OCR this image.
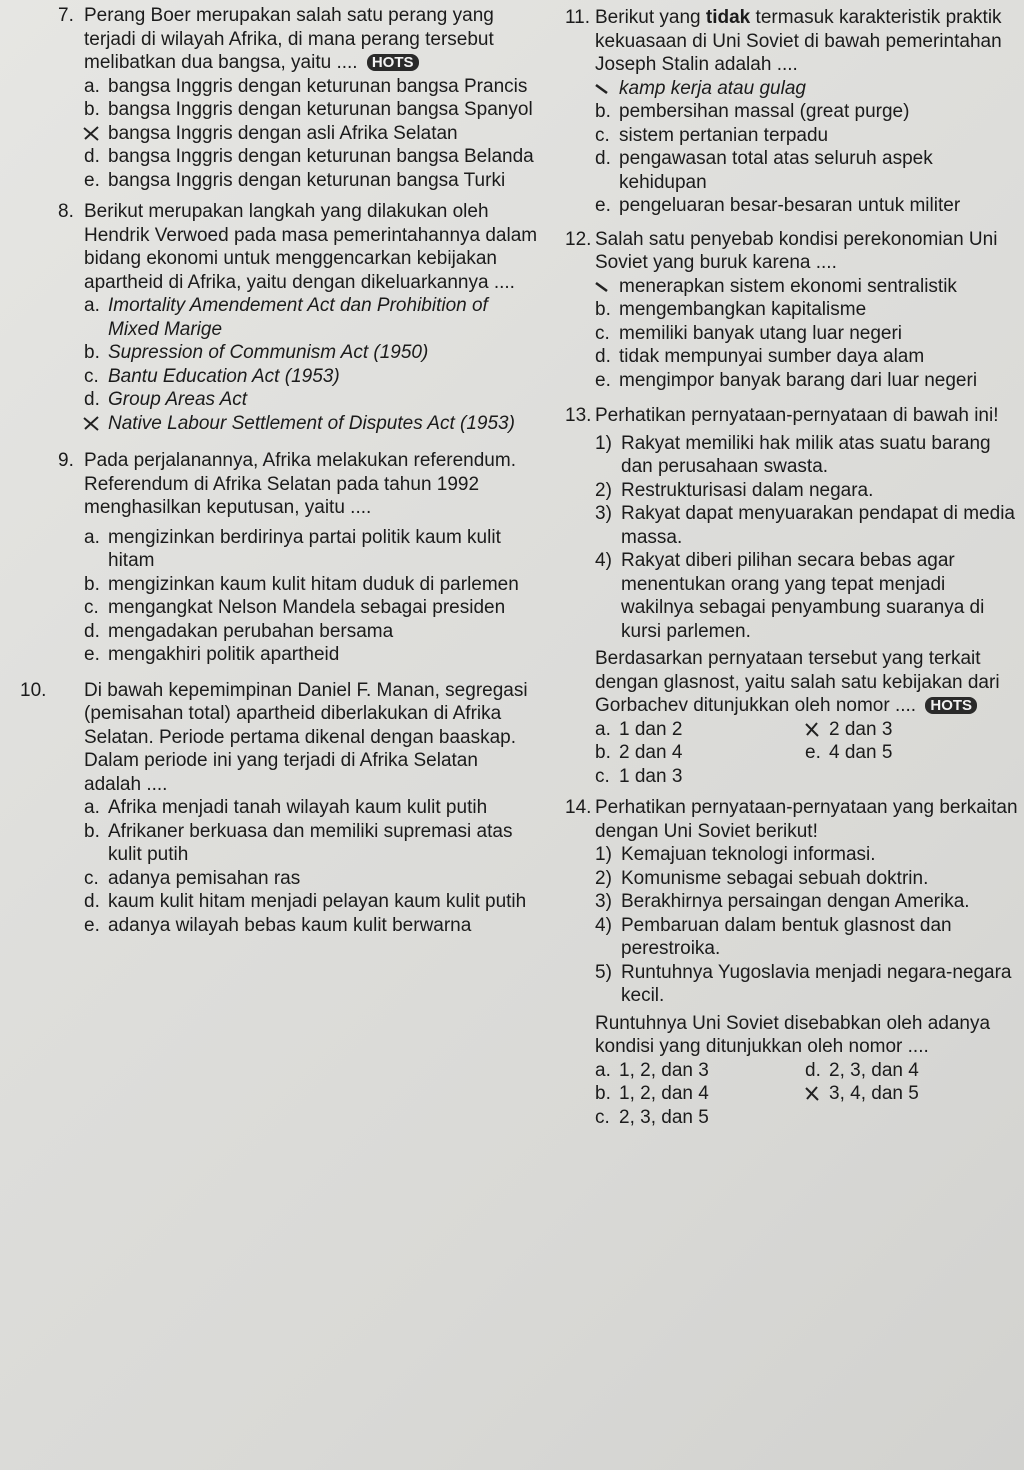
7. Perang Boer merupakan salah satu perang yang terjadi di wilayah Afrika, di mana perang tersebut melibatkan dua bangsa, yaitu .... HOTS
a. bangsa Inggris dengan keturunan bangsa Prancis
b. bangsa Inggris dengan keturunan bangsa Spanyol
bangsa Inggris dengan asli Afrika Selatan
d. bangsa Inggris dengan keturunan bangsa Belanda
e. bangsa Inggris dengan keturunan bangsa Turki
8. Berikut merupakan langkah yang dilakukan oleh Hendrik Verwoed pada masa pemerintahannya dalam bidang ekonomi untuk menggencarkan kebijakan apartheid di Afrika, yaitu dengan dikeluarkannya ....
a. Imortality Amendement Act dan Prohibition of Mixed Marige
b. Supression of Communism Act (1950)
c. Bantu Education Act (1953)
d. Group Areas Act
Native Labour Settlement of Disputes Act (1953)
9. Pada perjalanannya, Afrika melakukan referendum. Referendum di Afrika Selatan pada tahun 1992 menghasilkan keputusan, yaitu ....
a. mengizinkan berdirinya partai politik kaum kulit hitam
b. mengizinkan kaum kulit hitam duduk di parlemen
c. mengangkat Nelson Mandela sebagai presiden
d. mengadakan perubahan bersama
e. mengakhiri politik apartheid
10. Di bawah kepemimpinan Daniel F. Manan, segregasi (pemisahan total) apartheid diberlakukan di Afrika Selatan. Periode pertama dikenal dengan baaskap. Dalam periode ini yang terjadi di Afrika Selatan adalah ....
a. Afrika menjadi tanah wilayah kaum kulit putih
b. Afrikaner berkuasa dan memiliki supremasi atas kulit putih
c. adanya pemisahan ras
d. kaum kulit hitam menjadi pelayan kaum kulit putih
e. adanya wilayah bebas kaum kulit berwarna
11. Berikut yang tidak termasuk karakteristik praktik kekuasaan di Uni Soviet di bawah pemerintahan Joseph Stalin adalah ....
kamp kerja atau gulag
b. pembersihan massal (great purge)
c. sistem pertanian terpadu
d. pengawasan total atas seluruh aspek kehidupan
e. pengeluaran besar-besaran untuk militer
12. Salah satu penyebab kondisi perekonomian Uni Soviet yang buruk karena ....
menerapkan sistem ekonomi sentralistik
b. mengembangkan kapitalisme
c. memiliki banyak utang luar negeri
d. tidak mempunyai sumber daya alam
e. mengimpor banyak barang dari luar negeri
13. Perhatikan pernyataan-pernyataan di bawah ini!
1) Rakyat memiliki hak milik atas suatu barang dan perusahaan swasta.
2) Restrukturisasi dalam negara.
3) Rakyat dapat menyuarakan pendapat di media massa.
4) Rakyat diberi pilihan secara bebas agar menentukan orang yang tepat menjadi wakilnya sebagai penyambung suaranya di kursi parlemen.
Berdasarkan pernyataan tersebut yang terkait dengan glasnost, yaitu salah satu kebijakan dari Gorbachev ditunjukkan oleh nomor .... HOTS
a. 1 dan 2	2 dan 3
b. 2 dan 4	e. 4 dan 5
c. 1 dan 3
14. Perhatikan pernyataan-pernyataan yang berkaitan dengan Uni Soviet berikut!
1) Kemajuan teknologi informasi.
2) Komunisme sebagai sebuah doktrin.
3) Berakhirnya persaingan dengan Amerika.
4) Pembaruan dalam bentuk glasnost dan perestroika.
5) Runtuhnya Yugoslavia menjadi negara-negara kecil.
Runtuhnya Uni Soviet disebabkan oleh adanya kondisi yang ditunjukkan oleh nomor ....
a. 1, 2, dan 3	d. 2, 3, dan 4
b. 1, 2, dan 4	3, 4, dan 5
c. 2, 3, dan 5
